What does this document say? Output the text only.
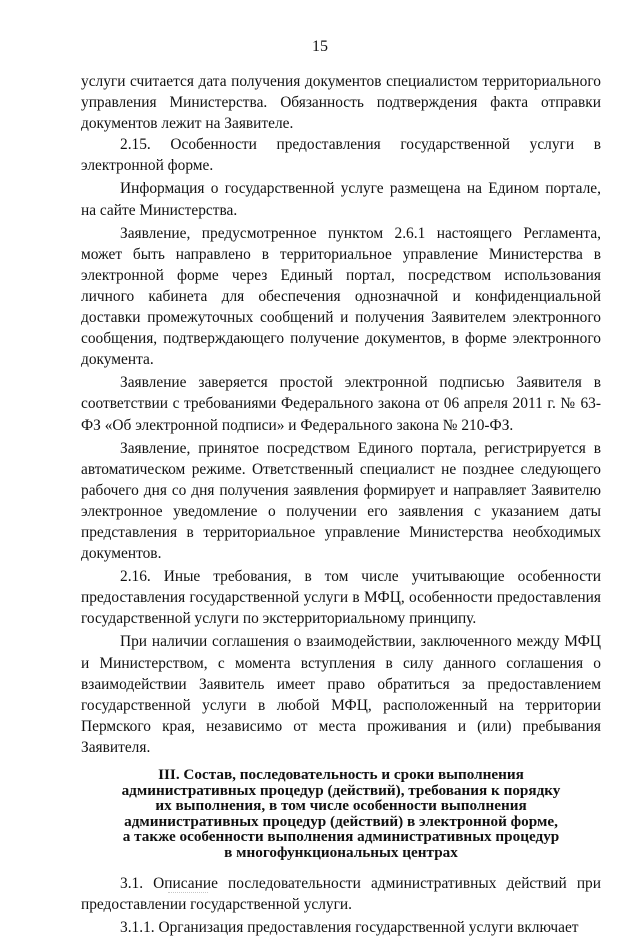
15

услуги считается дата получения документов специалистом территориального управления Министерства. Обязанность подтверждения факта отправки документов лежит на Заявителе.

2.15. Особенности предоставления государственной услуги в электронной форме.

Информация о государственной услуге размещена на Едином портале, на сайте Министерства.

Заявление, предусмотренное пунктом 2.6.1 настоящего Регламента, может быть направлено в территориальное управление Министерства в электронной форме через Единый портал, посредством использования личного кабинета для обеспечения однозначной и конфиденциальной доставки промежуточных сообщений и получения Заявителем электронного сообщения, подтверждающего получение документов, в форме электронного документа.

Заявление заверяется простой электронной подписью Заявителя в соответствии с требованиями Федерального закона от 06 апреля 2011 г. № 63-ФЗ «Об электронной подписи» и Федерального закона № 210-ФЗ.

Заявление, принятое посредством Единого портала, регистрируется в автоматическом режиме. Ответственный специалист не позднее следующего рабочего дня со дня получения заявления формирует и направляет Заявителю электронное уведомление о получении его заявления с указанием даты представления в территориальное управление Министерства необходимых документов.

2.16. Иные требования, в том числе учитывающие особенности предоставления государственной услуги в МФЦ, особенности предоставления государственной услуги по экстерриториальному принципу.

При наличии соглашения о взаимодействии, заключенного между МФЦ и Министерством, с момента вступления в силу данного соглашения о взаимодействии Заявитель имеет право обратиться за предоставлением государственной услуги в любой МФЦ, расположенный на территории Пермского края, независимо от места проживания и (или) пребывания Заявителя.

III. Состав, последовательность и сроки выполнения
административных процедур (действий), требования к порядку
их выполнения, в том числе особенности выполнения
административных процедур (действий) в электронной форме,
а также особенности выполнения административных процедур
в многофункциональных центрах

3.1. Описание последовательности административных действий при предоставлении государственной услуги.

3.1.1. Организация предоставления государственной услуги включает
